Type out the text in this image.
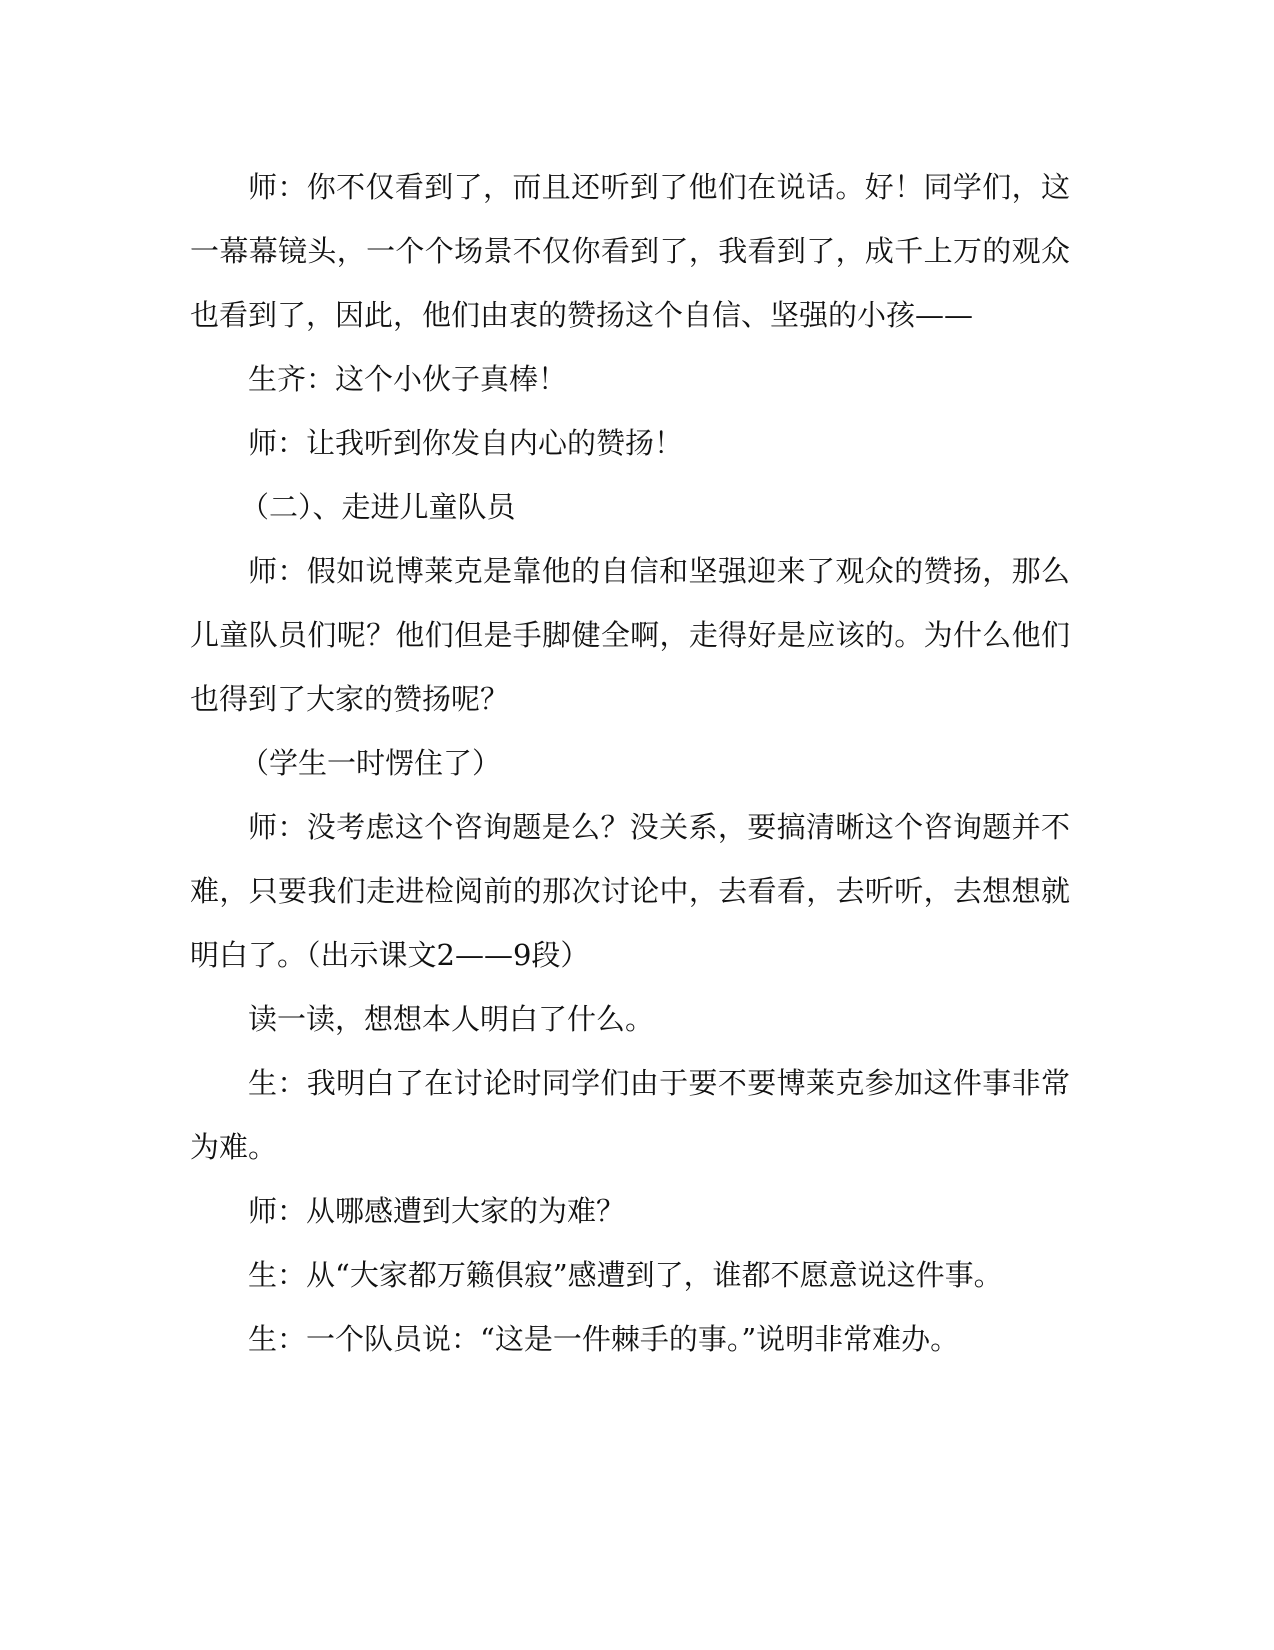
师：你不仅看到了，而且还听到了他们在说话。好！同学们，这一幕幕镜头，一个个场景不仅你看到了，我看到了，成千上万的观众也看到了，因此，他们由衷的赞扬这个自信、坚强的小孩——

生齐：这个小伙子真棒！

师：让我听到你发自内心的赞扬！

（二）、走进儿童队员

师：假如说博莱克是靠他的自信和坚强迎来了观众的赞扬，那么儿童队员们呢？他们但是手脚健全啊，走得好是应该的。为什么他们也得到了大家的赞扬呢？

（学生一时愣住了）

师：没考虑这个咨询题是么？没关系，要搞清晰这个咨询题并不难，只要我们走进检阅前的那次讨论中，去看看，去听听，去想想就明白了。（出示课文2——9段）

读一读，想想本人明白了什么。

生：我明白了在讨论时同学们由于要不要博莱克参加这件事非常为难。

师：从哪感遭到大家的为难？

生：从“大家都万籁俱寂”感遭到了，谁都不愿意说这件事。

生：一个队员说：“这是一件棘手的事。”说明非常难办。
